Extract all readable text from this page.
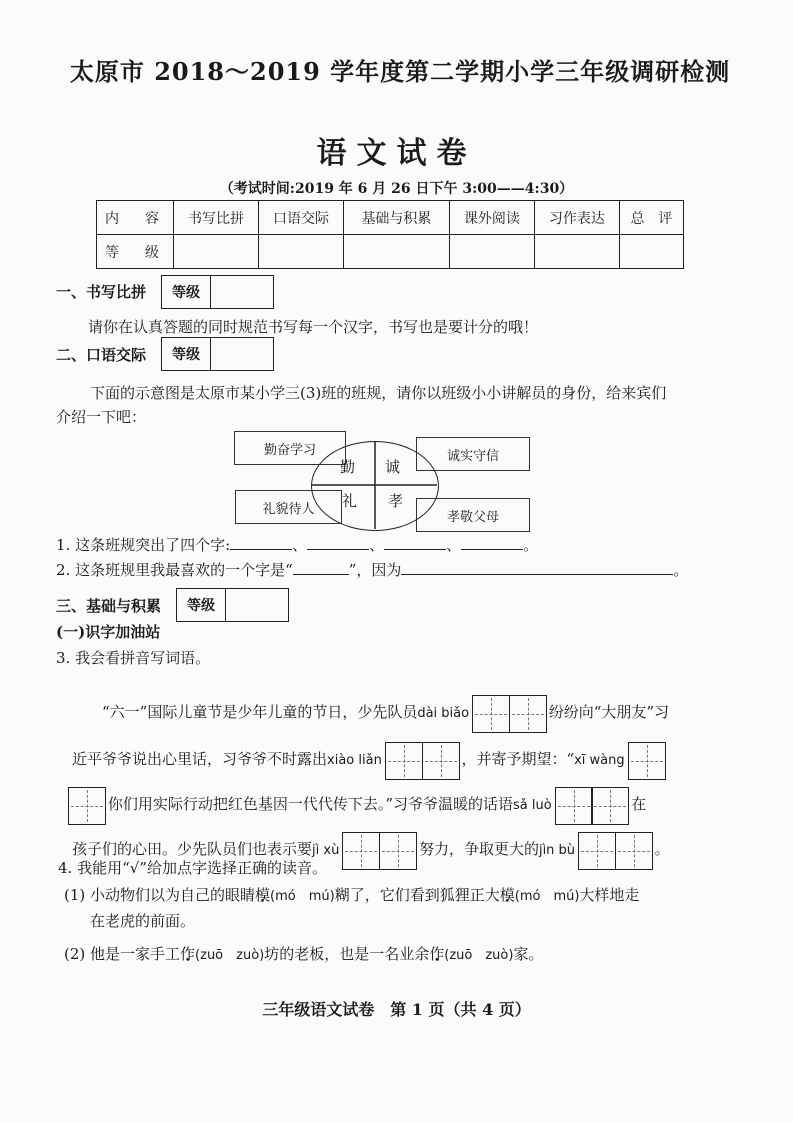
太原市 2018～2019 学年度第二学期小学三年级调研检测
语文试卷
（考试时间:2019 年 6 月 26 日下午 3:00——4:30）
内　容	书写比拼	口语交际	基础与积累	课外阅读	习作表达	总　评
等　级						
一、书写比拼	等级
请你在认真答题的同时规范书写每一个汉字，书写也是要计分的哦！
二、口语交际	等级
下面的示意图是太原市某小学三(3)班的班规，请你以班级小小讲解员的身份，给来宾们
介绍一下吧：
勤奋学习	诚实守信
礼貌待人
孝敬父母
勤 诚
礼 孝
1. 这条班规突出了四个字:	、	、	、	。
2. 这条班规里我最喜欢的一个字是“	”，因为	。
三、基础与积累	等级
(一)识字加油站
3. 我会看拼音写词语。
“六一”国际儿童节是少年儿童的节日，少先队员dài biǎo	纷纷向“大朋友”习
近平爷爷说出心里话，习爷爷不时露出xiào liǎn	，并寄予期望：“xī wàng
你们用实际行动把红色基因一代代传下去。”习爷爷温暖的话语sǎ luò	在
孩子们的心田。少先队员们也表示要jì xù	努力，争取更大的jìn bù	。
4. 我能用“√”给加点字选择正确的读音。
(1) 小动物们以为自己的眼睛模(mó　mú)糊了，它们看到狐狸正大模(mó　mú)大样地走
在老虎的前面。
(2) 他是一家手工作(zuō　zuò)坊的老板，也是一名业余作(zuō　zuò)家。
三年级语文试卷　第 1 页（共 4 页）
